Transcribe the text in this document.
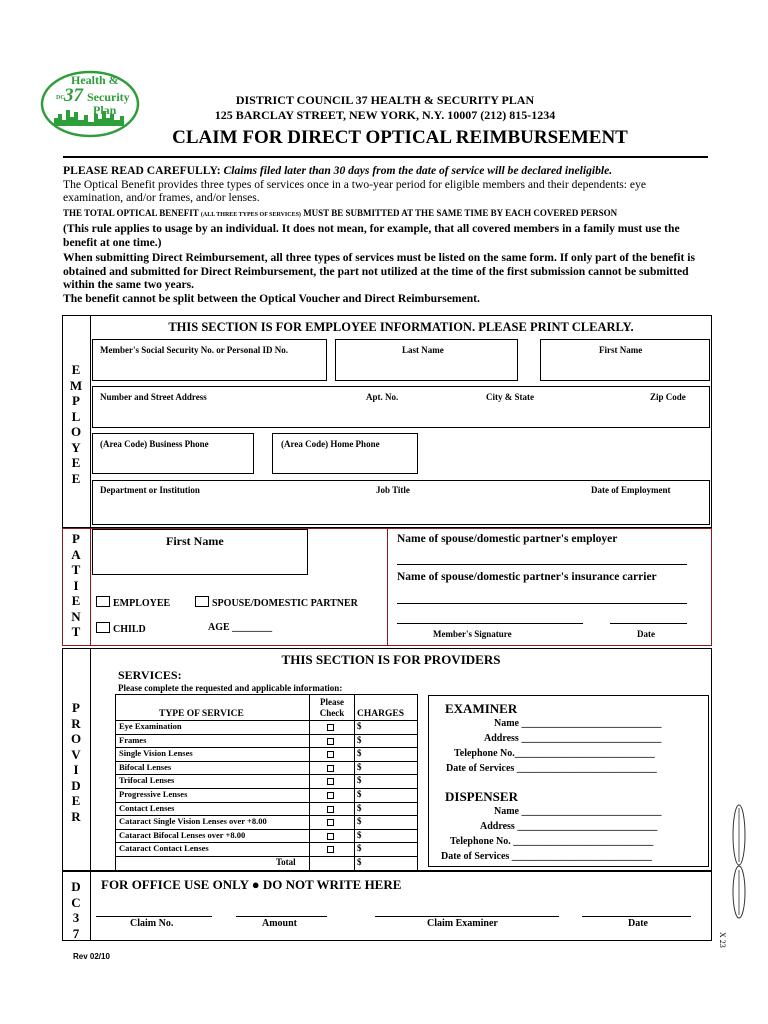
Health &
DC 37 Security
Plan
DISTRICT COUNCIL 37 HEALTH & SECURITY PLAN
125 BARCLAY STREET, NEW YORK, N.Y. 10007 (212) 815-1234
CLAIM FOR DIRECT OPTICAL REIMBURSEMENT
PLEASE READ CAREFULLY: Claims filed later than 30 days from the date of service will be declared ineligible.
The Optical Benefit provides three types of services once in a two-year period for eligible members and their dependents: eye examination, and/or frames, and/or lenses.
THE TOTAL OPTICAL BENEFIT (ALL THREE TYPES OF SERVICES) MUST BE SUBMITTED AT THE SAME TIME BY EACH COVERED PERSON
(This rule applies to usage by an individual. It does not mean, for example, that all covered members in a family must use the benefit at one time.)
When submitting Direct Reimbursement, all three types of services must be listed on the same form. If only part of the benefit is obtained and submitted for Direct Reimbursement, the part not utilized at the time of the first submission cannot be submitted within the same two years.
The benefit cannot be split between the Optical Voucher and Direct Reimbursement.
E
M
P
L
O
Y
E
E
THIS SECTION IS FOR EMPLOYEE INFORMATION. PLEASE PRINT CLEARLY.
Member's Social Security No. or Personal ID No.	Last Name	First Name
Number and Street Address	Apt. No.	City & State	Zip Code
(Area Code) Business Phone	(Area Code) Home Phone
Department or Institution	Job Title	Date of Employment
P
A
T
I
E
N
T
First Name
EMPLOYEE	SPOUSE/DOMESTIC PARTNER
CHILD	AGE ________
Name of spouse/domestic partner's employer
Name of spouse/domestic partner's insurance carrier
Member's Signature	Date
P
R
O
V
I
D
E
R
THIS SECTION IS FOR PROVIDERS
SERVICES:
Please complete the requested and applicable information:
TYPE OF SERVICE
Please
Check	CHARGES
Eye Examination	$
Frames	$
Single Vision Lenses	$
Bifocal Lenses	$
Trifocal Lenses	$
Progressive Lenses	$
Contact Lenses	$
Cataract Single Vision Lenses over +8.00	$
Cataract Bifocal Lenses over +8.00	$
Cataract Contact Lenses	$
Total	$
EXAMINER
Name ____________________________
Address ____________________________
Telephone No.____________________________
Date of Services ____________________________
DISPENSER
Name ____________________________
Address ____________________________
Telephone No. ____________________________
Date of Services ____________________________
D
C
3
7
FOR OFFICE USE ONLY ● DO NOT WRITE HERE
Claim No.	Amount	Claim Examiner	Date
Rev 02/10
X 23
